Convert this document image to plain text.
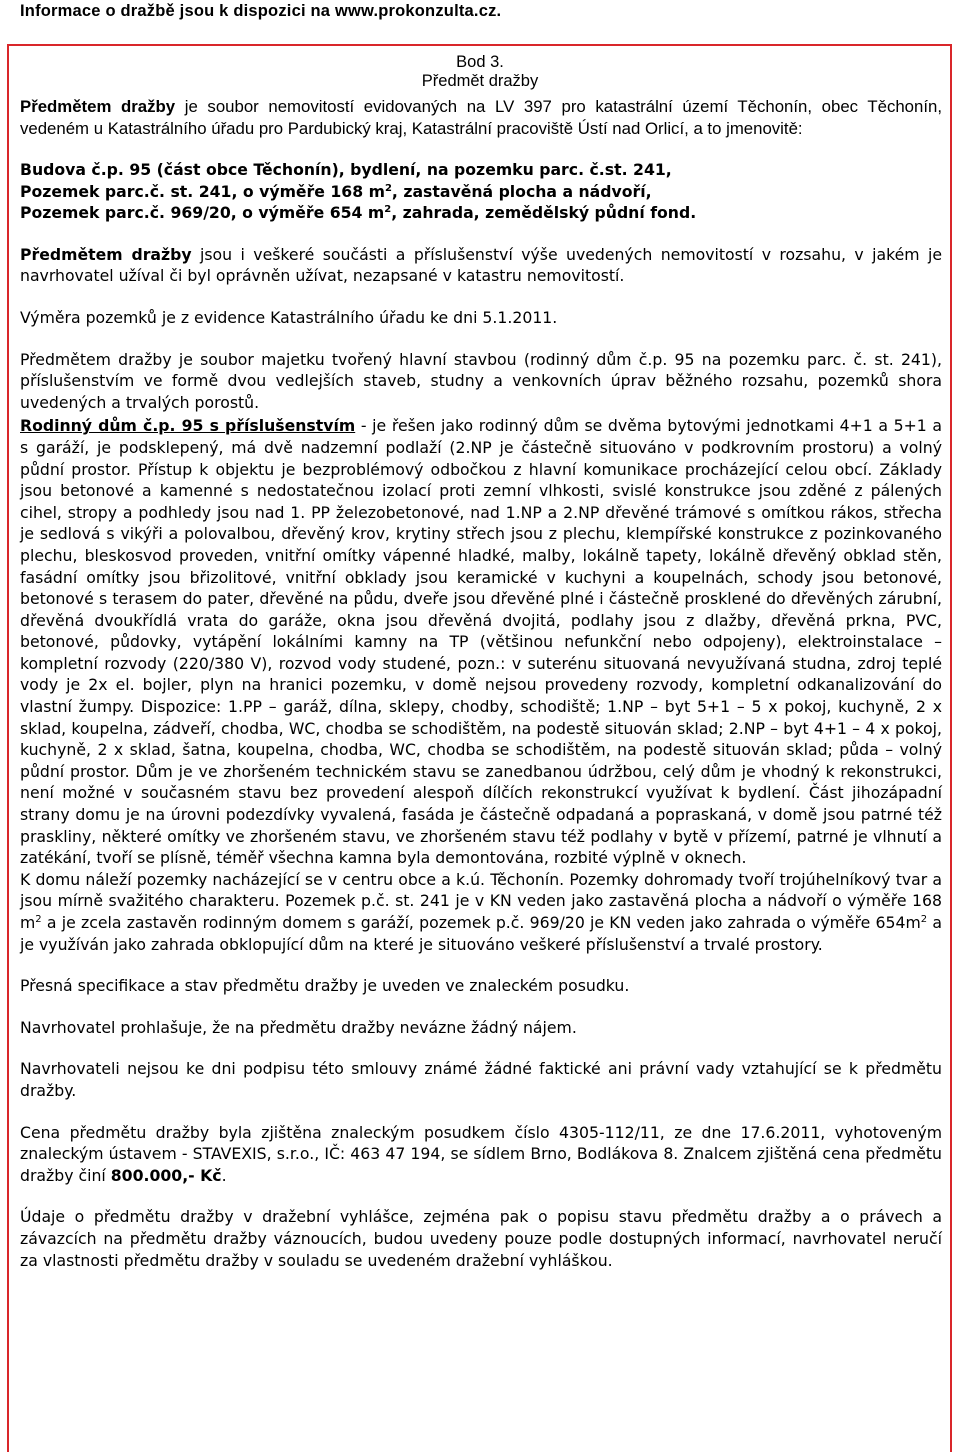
Informace o dražbě jsou k dispozici na www.prokonzulta.cz.
Bod 3.
Předmět dražby

Předmětem dražby je soubor nemovitostí evidovaných na LV 397 pro katastrální území Těchonín, obec Těchonín, vedeném u Katastrálního úřadu pro Pardubický kraj, Katastrální pracoviště Ústí nad Orlicí, a to jmenovitě:

Budova č.p. 95 (část obce Těchonín), bydlení, na pozemku parc. č.st. 241,
Pozemek parc.č. st. 241, o výměře 168 $m^2$, zastavěná plocha a nádvoří,
Pozemek parc.č. 969/20, o výměře 654 $m^2$, zahrada, zemědělský půdní fond.

Předmětem dražby jsou i veškeré součásti a příslušenství výše uvedených nemovitostí v rozsahu, v jakém je navrhovatel užíval či byl oprávněn užívat, nezapsané v katastru nemovitostí.

Výměra pozemků je z evidence Katastrálního úřadu ke dni 5.1.2011.

Předmětem dražby je soubor majetku tvořený hlavní stavbou (rodinný dům č.p. 95 na pozemku parc. č. st. 241), příslušenstvím ve formě dvou vedlejších staveb, studny a venkovních úprav běžného rozsahu, pozemků shora uvedených a trvalých porostů.

Rodinný dům č.p. 95 s příslušenstvím - je řešen jako rodinný dům se dvěma bytovými jednotkami 4+1 a 5+1 a s garáží, je podsklepený, má dvě nadzemní podlaží (2.NP je částečně situováno v podkrovním prostoru) a volný půdní prostor. Přístup k objektu je bezproblémový odbočkou z hlavní komunikace procházející celou obcí. Základy jsou betonové a kamenné s nedostatečnou izolací proti zemní vlhkosti, svislé konstrukce jsou zděné z pálených cihel, stropy a podhledy jsou nad 1. PP železobetonové, nad 1.NP a 2.NP dřevěné trámové s omítkou rákos, střecha je sedlová s vikýři a polovalbou, dřevěný krov, krytiny střech jsou z plechu, klempířské konstrukce z pozinkovaného plechu, bleskosvod proveden, vnitřní omítky vápenné hladké, malby, lokálně tapety, lokálně dřevěný obklad stěn, fasádní omítky jsou břizolitové, vnitřní obklady jsou keramické v kuchyni a koupelnách, schody jsou betonové, betonové s terasem do pater, dřevěné na půdu, dveře jsou dřevěné plné i částečně prosklené do dřevěných zárubní, dřevěná dvoukřídlá vrata do garáže, okna jsou dřevěná dvojitá, podlahy jsou z dlažby, dřevěná prkna, PVC, betonové, půdovky, vytápění lokálními kamny na TP (většinou nefunkční nebo odpojeny), elektroinstalace – kompletní rozvody (220/380 V), rozvod vody studené, pozn.: v suterénu situovaná nevyužívaná studna, zdroj teplé vody je 2x el. bojler, plyn na hranici pozemku, v domě nejsou provedeny rozvody, kompletní odkanalizování do vlastní žumpy. Dispozice: 1.PP – garáž, dílna, sklepy, chodby, schodiště; 1.NP – byt 5+1 – 5 x pokoj, kuchyně, 2 x sklad, koupelna, zádveří, chodba, WC, chodba se schodištěm, na podestě situován sklad; 2.NP – byt 4+1 – 4 x pokoj, kuchyně, 2 x sklad, šatna, koupelna, chodba, WC, chodba se schodištěm, na podestě situován sklad; půda – volný půdní prostor. Dům je ve zhoršeném technickém stavu se zanedbanou údržbou, celý dům je vhodný k rekonstrukci, není možné v současném stavu bez provedení alespoň dílčích rekonstrukcí využívat k bydlení. Část jihozápadní strany domu je na úrovni podezdívky vyvalená, fasáda je částečně odpadaná a popraskaná, v domě jsou patrné též praskliny, některé omítky ve zhoršeném stavu, ve zhoršeném stavu též podlahy v bytě v přízemí, patrné je vlhnutí a zatékání, tvoří se plísně, téměř všechna kamna byla demontována, rozbité výplně v oknech.

K domu náleží pozemky nacházející se v centru obce a k.ú. Těchonín. Pozemky dohromady tvoří trojúhelníkový tvar a jsou mírně svažitého charakteru. Pozemek p.č. st. 241 je v KN veden jako zastavěná plocha a nádvoří o výměře 168 $m^2$ a je zcela zastavěn rodinným domem s garáží, pozemek p.č. 969/20 je KN veden jako zahrada o výměře $654m^2$ a je využíván jako zahrada obklopující dům na které je situováno veškeré příslušenství a trvalé prostory.

Přesná specifikace a stav předmětu dražby je uveden ve znaleckém posudku.

Navrhovatel prohlašuje, že na předmětu dražby nevázne žádný nájem.

Navrhovateli nejsou ke dni podpisu této smlouvy známé žádné faktické ani právní vady vztahující se k předmětu dražby.

Cena předmětu dražby byla zjištěna znaleckým posudkem číslo 4305-112/11, ze dne 17.6.2011, vyhotoveným znaleckým ústavem - STAVEXIS, s.r.o., IČ: 463 47 194, se sídlem Brno, Bodlákova 8. Znalcem zjištěná cena předmětu dražby činí 800.000,- Kč.

Údaje o předmětu dražby v dražební vyhlášce, zejména pak o popisu stavu předmětu dražby a o právech a závazcích na předmětu dražby váznoucích, budou uvedeny pouze podle dostupných informací, navrhovatel neručí za vlastnosti předmětu dražby v souladu se uvedeném dražební vyhláškou.
